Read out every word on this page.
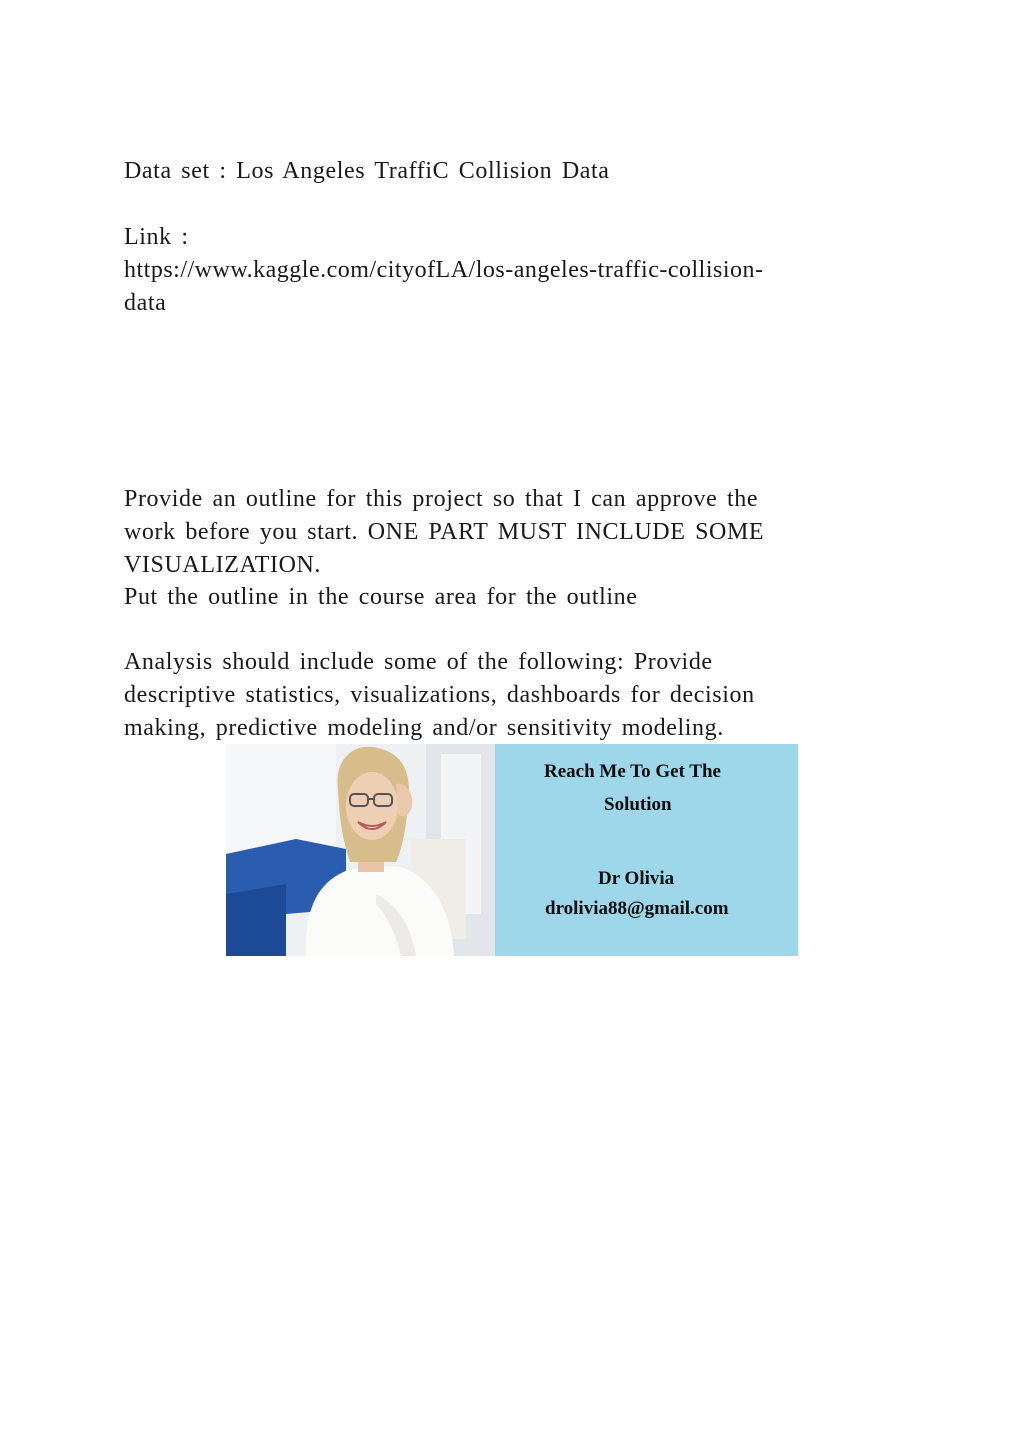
Data set : Los Angeles TraffiC Collision Data
Link :
https://www.kaggle.com/cityofLA/los-angeles-traffic-collision-
data
Provide an outline for this project so that I can approve the
work before you start. ONE PART MUST INCLUDE SOME
VISUALIZATION.
Put the outline in the course area for the outline
Analysis should include some of the following: Provide
descriptive statistics, visualizations, dashboards for decision
making, predictive modeling and/or sensitivity modeling.
Reach Me To Get The
Solution
Dr Olivia
drolivia88@gmail.com
